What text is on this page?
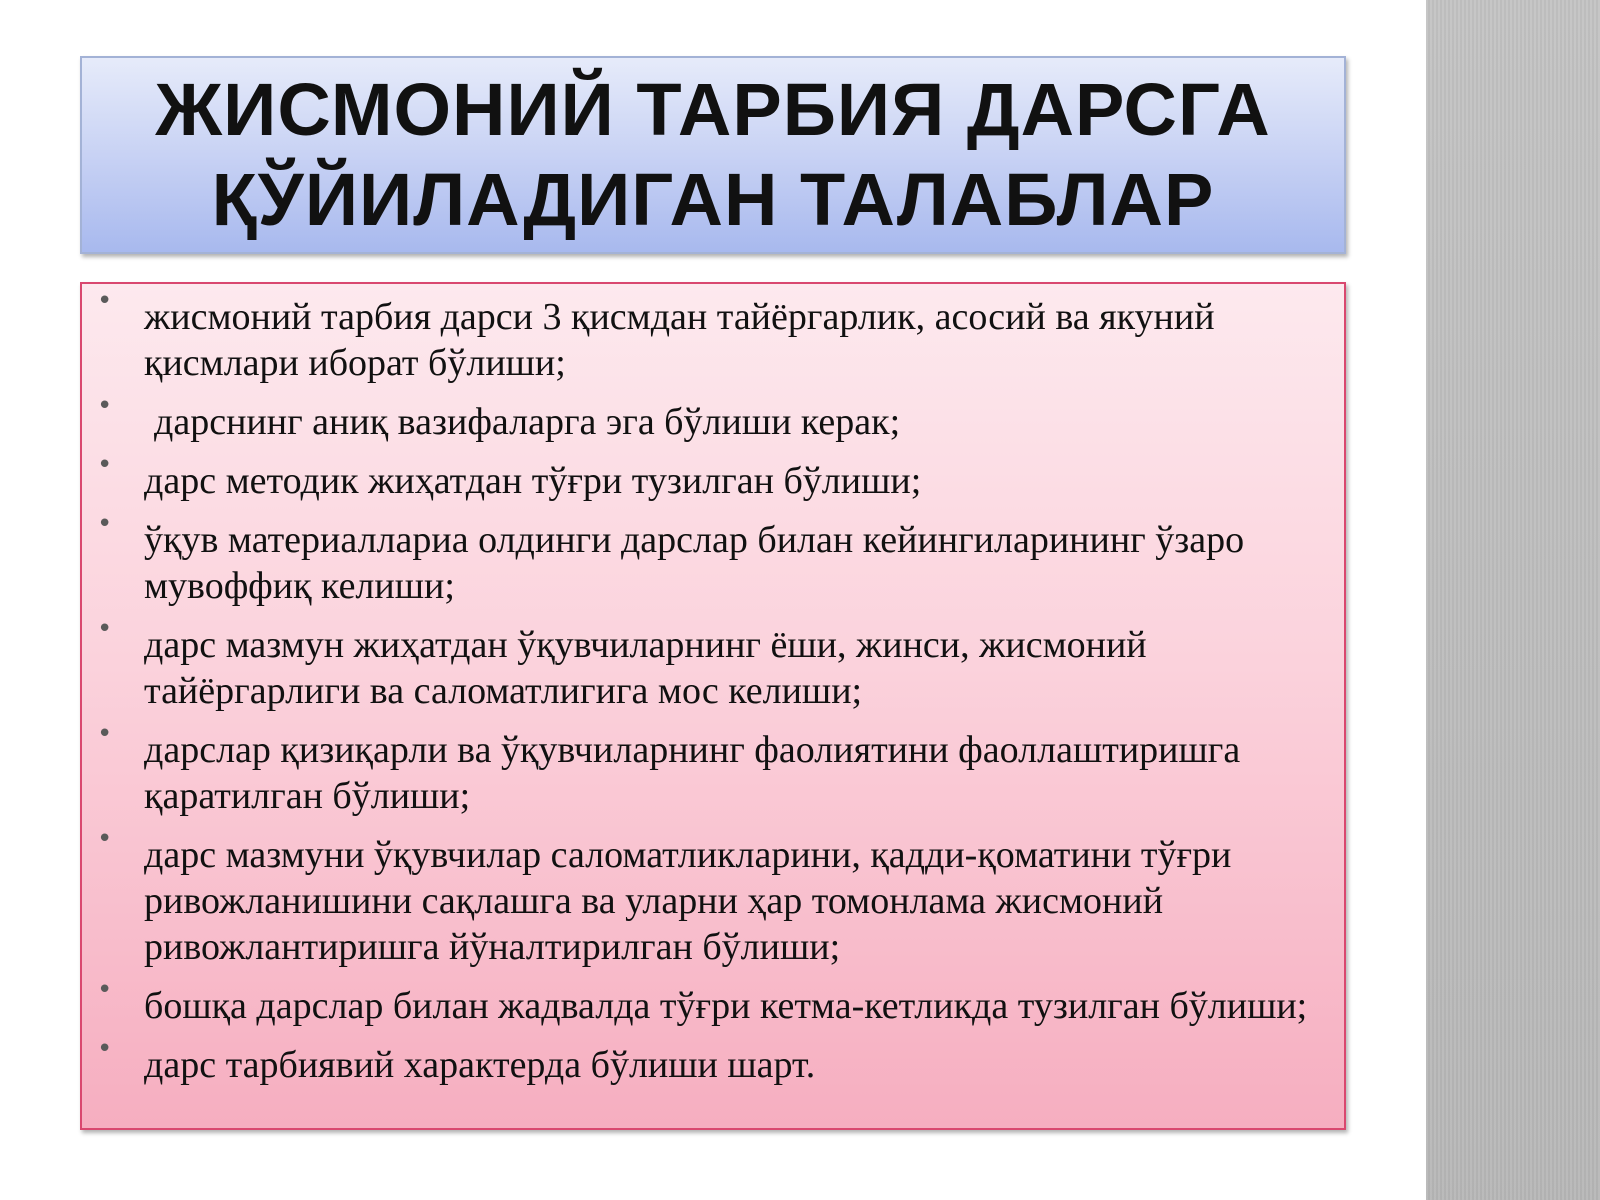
ЖИСМОНИЙ ТАРБИЯ ДАРСГА ҚЎЙИЛАДИГАН ТАЛАБЛАР
• жисмоний тарбия дарси 3 қисмдан тайёргарлик, асосий ва якуний қисмлари иборат бўлиши;
• дарснинг аниқ вазифаларга эга бўлиши керак;
• дарс методик жиҳатдан тўғри тузилган бўлиши;
• ўқув материаллариа олдинги дарслар билан кейингиларининг ўзаро мувоффиқ келиши;
• дарс мазмун жиҳатдан ўқувчиларнинг ёши, жинси, жисмоний тайёргарлиги ва саломатлигига мос келиши;
• дарслар қизиқарли ва ўқувчиларнинг фаолиятини фаоллаштиришга қаратилган бўлиши;
• дарс мазмуни ўқувчилар саломатликларини, қадди-қоматини тўғри ривожланишини сақлашга ва уларни ҳар томонлама жисмоний ривожлантиришга йўналтирилган бўлиши;
• бошқа дарслар билан жадвалда тўғри кетма-кетликда тузилган бўлиши;
• дарс тарбиявий характерда бўлиши шарт.
